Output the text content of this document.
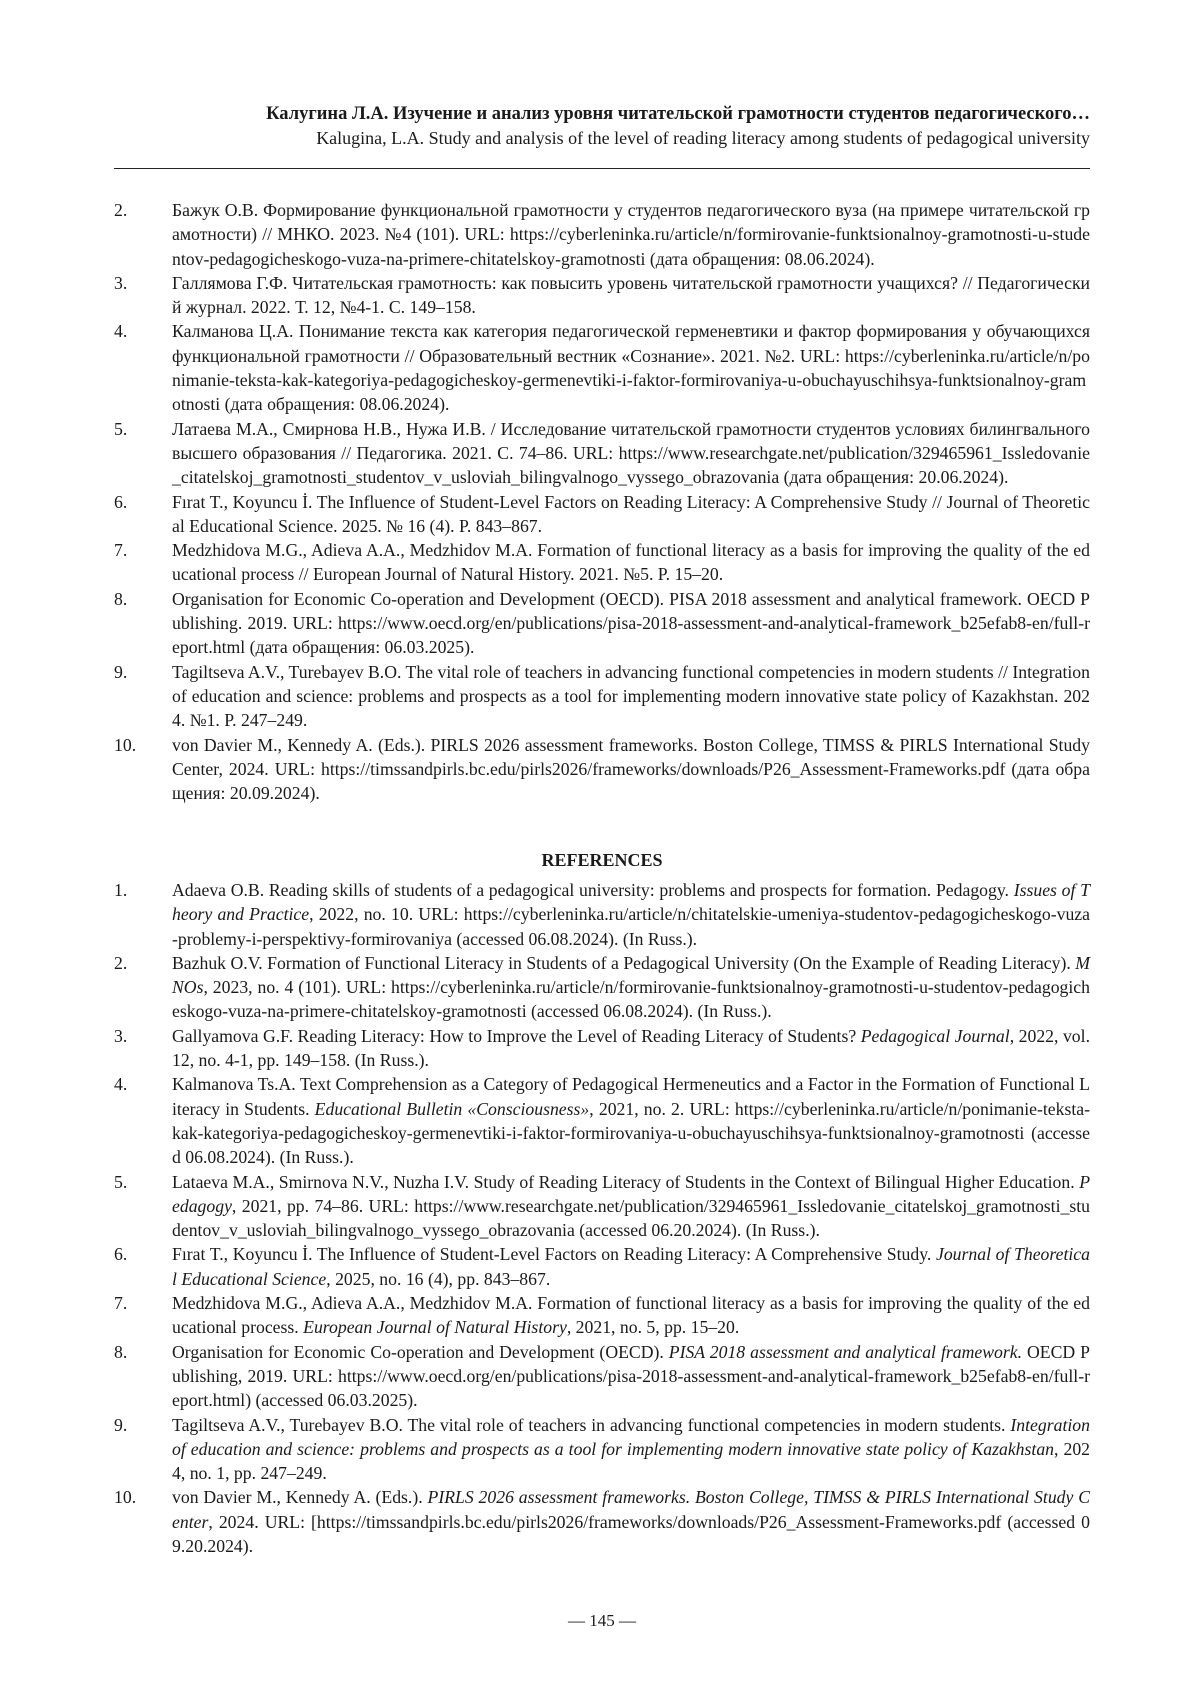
Калугина Л.А. Изучение и анализ уровня читательской грамотности студентов педагогического…
Kalugina, L.A. Study and analysis of the level of reading literacy among students of pedagogical university
2.	Бажук О.В. Формирование функциональной грамотности у студентов педагогического вуза (на примере читательской грамотности) // МНКО. 2023. №4 (101). URL: https://cyberleninka.ru/article/n/formirovanie-funktsionalnoy-gramotnosti-u-studentov-pedagogicheskogo-vuza-na-primere-chitatelskoy-gramotnosti (дата обращения: 08.06.2024).
3.	Галлямова Г.Ф. Читательская грамотность: как повысить уровень читательской грамотности учащихся? // Педагогический журнал. 2022. Т. 12, №4-1. С. 149–158.
4.	Калманова Ц.А. Понимание текста как категория педагогической герменевтики и фактор формирования у обучающихся функциональной грамотности // Образовательный вестник «Сознание». 2021. №2. URL: https://cyberleninka.ru/article/n/ponimanie-teksta-kak-kategoriya-pedagogicheskoy-germenevtiki-i-faktor-formirovaniya-u-obuchayuschihsya-funktsionalnoy-gramotnosti (дата обращения: 08.06.2024).
5.	Латаева М.А., Смирнова Н.В., Нужа И.В. / Исследование читательской грамотности студентов условиях билингвального высшего образования // Педагогика. 2021. С. 74–86. URL: https://www.researchgate.net/publication/329465961_Issledovanie_citatelskoj_gramotnosti_studentov_v_usloviah_bilingvalnogo_vyssego_obrazovania (дата обращения: 20.06.2024).
6.	Fırat T., Koyuncu İ. The Influence of Student-Level Factors on Reading Literacy: A Comprehensive Study // Journal of Theoretical Educational Science. 2025. № 16 (4). P. 843–867.
7.	Medzhidova M.G., Adieva A.A., Medzhidov M.A. Formation of functional literacy as a basis for improving the quality of the educational process // European Journal of Natural History. 2021. №5. P. 15–20.
8.	Organisation for Economic Co-operation and Development (OECD). PISA 2018 assessment and analytical framework. OECD Publishing. 2019. URL: https://www.oecd.org/en/publications/pisa-2018-assessment-and-analytical-framework_b25efab8-en/full-report.html (дата обращения: 06.03.2025).
9.	Tagiltseva A.V., Turebayev B.O. The vital role of teachers in advancing functional competencies in modern students // Integration of education and science: problems and prospects as a tool for implementing modern innovative state policy of Kazakhstan. 2024. №1. P. 247–249.
10. von Davier M., Kennedy A. (Eds.). PIRLS 2026 assessment frameworks. Boston College, TIMSS & PIRLS International Study Center, 2024. URL: https://timssandpirls.bc.edu/pirls2026/frameworks/downloads/P26_Assessment-Frameworks.pdf (дата обращения: 20.09.2024).
REFERENCES
1.	Adaeva O.B. Reading skills of students of a pedagogical university: problems and prospects for formation. Pedagogy. Issues of Theory and Practice, 2022, no. 10. URL: https://cyberleninka.ru/article/n/chitatelskie-umeniya-studentov-pedagogicheskogo-vuza-problemy-i-perspektivy-formirovaniya (accessed 06.08.2024). (In Russ.).
2.	Bazhuk O.V. Formation of Functional Literacy in Students of a Pedagogical University (On the Example of Reading Literacy). MNOs, 2023, no. 4 (101). URL: https://cyberleninka.ru/article/n/formirovanie-funktsionalnoy-gramotnosti-u-studentov-pedagogicheskogo-vuza-na-primere-chitatelskoy-gramotnosti (accessed 06.08.2024). (In Russ.).
3.	Gallyamova G.F. Reading Literacy: How to Improve the Level of Reading Literacy of Students? Pedagogical Journal, 2022, vol. 12, no. 4-1, pp. 149–158. (In Russ.).
4.	Kalmanova Ts.A. Text Comprehension as a Category of Pedagogical Hermeneutics and a Factor in the Formation of Functional Literacy in Students. Educational Bulletin «Consciousness», 2021, no. 2. URL: https://cyberleninka.ru/article/n/ponimanie-teksta-kak-kategoriya-pedagogicheskoy-germenevtiki-i-faktor-formirovaniya-u-obuchayuschihsya-funktsionalnoy-gramotnosti (accessed 06.08.2024). (In Russ.).
5.	Lataeva M.A., Smirnova N.V., Nuzha I.V. Study of Reading Literacy of Students in the Context of Bilingual Higher Education. Pedagogy, 2021, pp. 74–86. URL: https://www.researchgate.net/publication/329465961_Issledovanie_citatelskoj_gramotnosti_studentov_v_usloviah_bilingvalnogo_vyssego_obrazovania (accessed 06.20.2024). (In Russ.).
6.	Fırat T., Koyuncu İ. The Influence of Student-Level Factors on Reading Literacy: A Comprehensive Study. Journal of Theoretical Educational Science, 2025, no. 16 (4), pp. 843–867.
7.	Medzhidova M.G., Adieva A.A., Medzhidov M.A. Formation of functional literacy as a basis for improving the quality of the educational process. European Journal of Natural History, 2021, no. 5, pp. 15–20.
8.	Organisation for Economic Co-operation and Development (OECD). PISA 2018 assessment and analytical framework. OECD Publishing, 2019. URL: https://www.oecd.org/en/publications/pisa-2018-assessment-and-analytical-framework_b25efab8-en/full-report.html) (accessed 06.03.2025).
9.	Tagiltseva A.V., Turebayev B.O. The vital role of teachers in advancing functional competencies in modern students. Integration of education and science: problems and prospects as a tool for implementing modern innovative state policy of Kazakhstan, 2024, no. 1, pp. 247–249.
10. von Davier M., Kennedy A. (Eds.). PIRLS 2026 assessment frameworks. Boston College, TIMSS & PIRLS International Study Center, 2024. URL: [https://timssandpirls.bc.edu/pirls2026/frameworks/downloads/P26_Assessment-Frameworks.pdf (accessed 09.20.2024).
— 145 —
